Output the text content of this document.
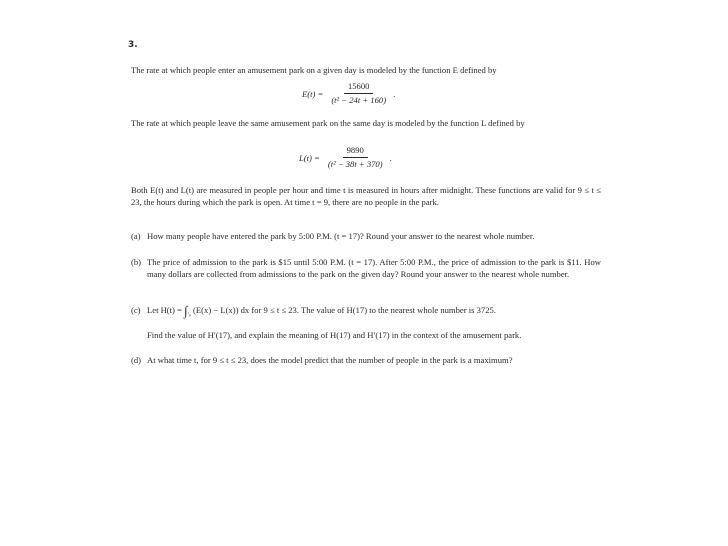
3.
The rate at which people enter an amusement park on a given day is modeled by the function E defined by
$E(t) = \frac{15600}{\text{(t² − 24t + 160)}}$ .
The rate at which people leave the same amusement park on the same day is modeled by the function L defined by
$L(t) = \frac{9890}{\text{(t² − 38t + 370)}}$ .
Both E(t) and L(t) are measured in people per hour and time t is measured in hours after midnight. These functions are valid for 9 ≤ t ≤ 23, the hours during which the park is open. At time t = 9, there are no people in the park.
(a) How many people have entered the park by 5:00 P.M. (t = 17)? Round your answer to the nearest whole number.
(b) The price of admission to the park is $15 until 5:00 P.M. (t = 17). After 5:00 P.M., the price of admission to the park is $11. How many dollars are collected from admissions to the park on the given day? Round your answer to the nearest whole number.
(c) Let $H(t) = \int_{ᵗ_9}$ (E(x) − L(x)) dx for 9 ≤ t ≤ 23. The value of H(17) to the nearest whole number is 3725.
Find the value of H′(17), and explain the meaning of H(17) and H′(17) in the context of the amusement park.
(d) At what time t, for 9 ≤ t ≤ 23, does the model predict that the number of people in the park is a maximum?
